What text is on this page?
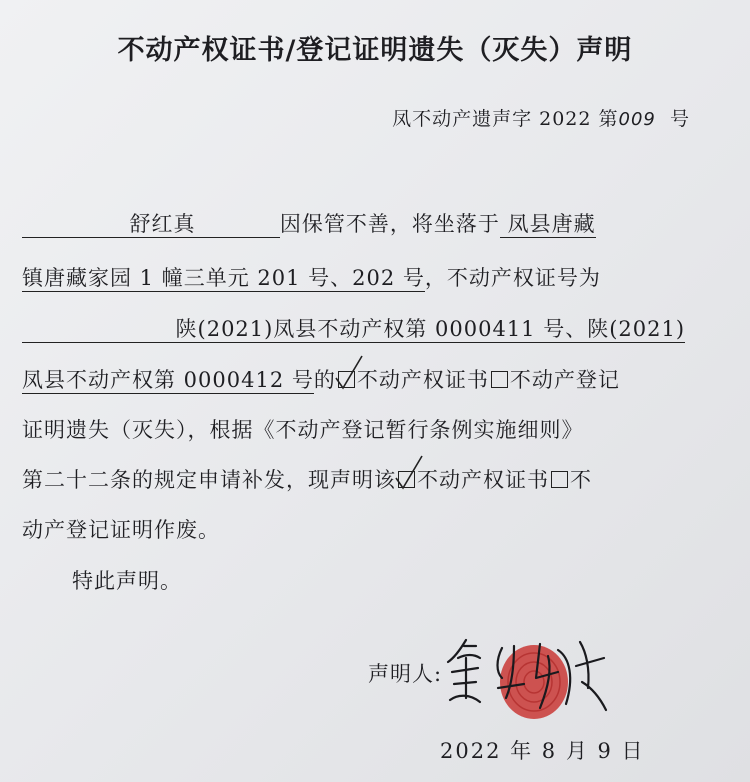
不动产权证书/登记证明遗失（灭失）声明
凤不动产遗声字 2022 第009 号
舒红真	因保管不善，将坐落于 凤县唐藏
镇唐藏家园 1 幢三单元 201 号、202 号，不动产权证号为
陕(2021)凤县不动产权第 0000411 号、陕(2021)
凤县不动产权第 0000412 号的 不动产权证书 不动产登记
证明遗失（灭失），根据《不动产登记暂行条例实施细则》
第二十二条的规定申请补发，现声明该 不动产权证书 不
动产登记证明作废。
特此声明。
声明人:
2022 年 8 月 9 日
